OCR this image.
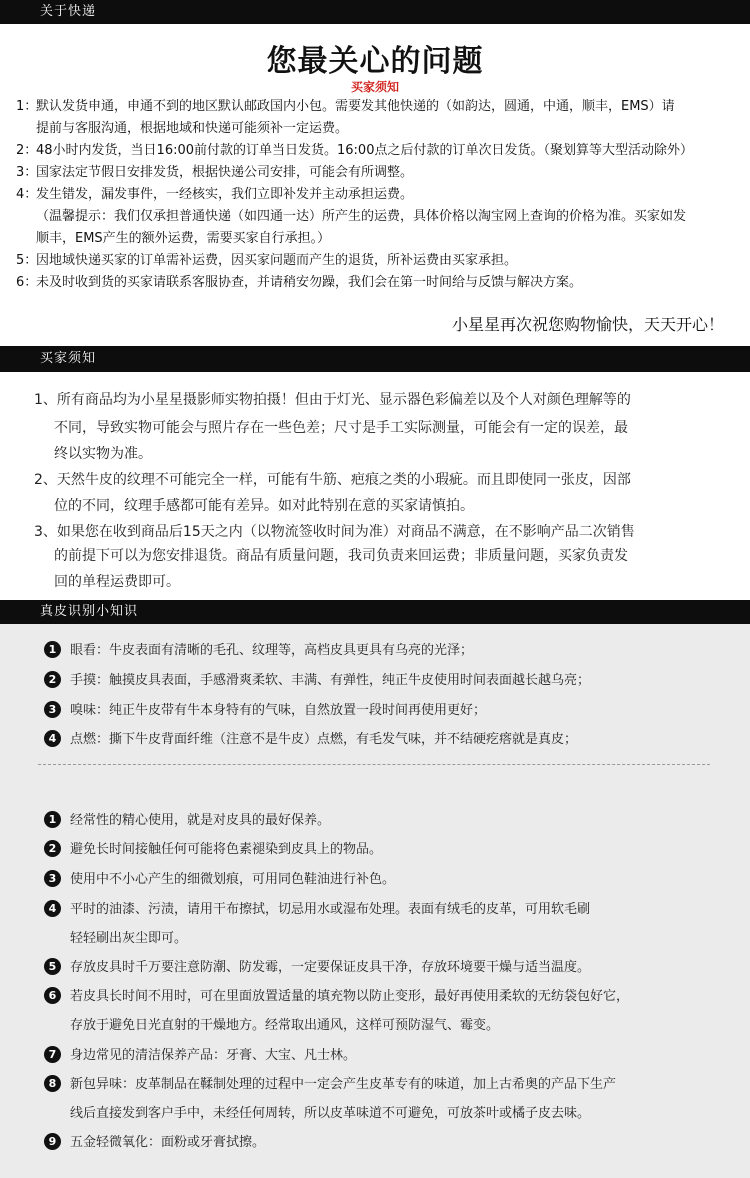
关于快递
您最关心的问题
买家须知
1：默认发货申通，申通不到的地区默认邮政国内小包。需要发其他快递的（如韵达，圆通，中通，顺丰，EMS）请
提前与客服沟通，根据地域和快递可能须补一定运费。
2：48小时内发货，当日16:00前付款的订单当日发货。16:00点之后付款的订单次日发货。（聚划算等大型活动除外）
3：国家法定节假日安排发货，根据快递公司安排，可能会有所调整。
4：发生错发，漏发事件，一经核实，我们立即补发并主动承担运费。
（温馨提示：我们仅承担普通快递（如四通一达）所产生的运费，具体价格以淘宝网上查询的价格为准。买家如发
顺丰，EMS产生的额外运费，需要买家自行承担。）
5：因地域快递买家的订单需补运费，因买家问题而产生的退货，所补运费由买家承担。
6：未及时收到货的买家请联系客服协查，并请稍安勿躁，我们会在第一时间给与反馈与解决方案。
小星星再次祝您购物愉快，天天开心！
买家须知
1、所有商品均为小星星摄影师实物拍摄！但由于灯光、显示器色彩偏差以及个人对颜色理解等的
不同，导致实物可能会与照片存在一些色差；尺寸是手工实际测量，可能会有一定的误差，最
终以实物为准。
2、天然牛皮的纹理不可能完全一样，可能有牛筋、疤痕之类的小瑕疵。而且即使同一张皮，因部
位的不同，纹理手感都可能有差异。如对此特别在意的买家请慎拍。
3、如果您在收到商品后15天之内（以物流签收时间为准）对商品不满意，在不影响产品二次销售
的前提下可以为您安排退货。商品有质量问题，我司负责来回运费；非质量问题，买家负责发
回的单程运费即可。
真皮识别小知识
1 眼看：牛皮表面有清晰的毛孔、纹理等，高档皮具更具有乌亮的光泽；
2 手摸：触摸皮具表面，手感滑爽柔软、丰满、有弹性，纯正牛皮使用时间表面越长越乌亮；
3 嗅味：纯正牛皮带有牛本身特有的气味，自然放置一段时间再使用更好；
4 点燃：撕下牛皮背面纤维（注意不是牛皮）点燃，有毛发气味，并不结硬疙瘩就是真皮；
1 经常性的精心使用，就是对皮具的最好保养。
2 避免长时间接触任何可能将色素褪染到皮具上的物品。
3 使用中不小心产生的细微划痕，可用同色鞋油进行补色。
4 平时的油漆、污渍，请用干布擦拭，切忌用水或湿布处理。表面有绒毛的皮革，可用软毛刷
轻轻刷出灰尘即可。
5 存放皮具时千万要注意防潮、防发霉，一定要保证皮具干净，存放环境要干燥与适当温度。
6 若皮具长时间不用时，可在里面放置适量的填充物以防止变形，最好再使用柔软的无纺袋包好它，
存放于避免日光直射的干燥地方。经常取出通风，这样可预防湿气、霉变。
7 身边常见的清洁保养产品：牙膏、大宝、凡士林。
8 新包异味：皮革制品在鞣制处理的过程中一定会产生皮革专有的味道，加上古希奥的产品下生产
线后直接发到客户手中，未经任何周转，所以皮革味道不可避免，可放茶叶或橘子皮去味。
9 五金轻微氧化：面粉或牙膏拭擦。
